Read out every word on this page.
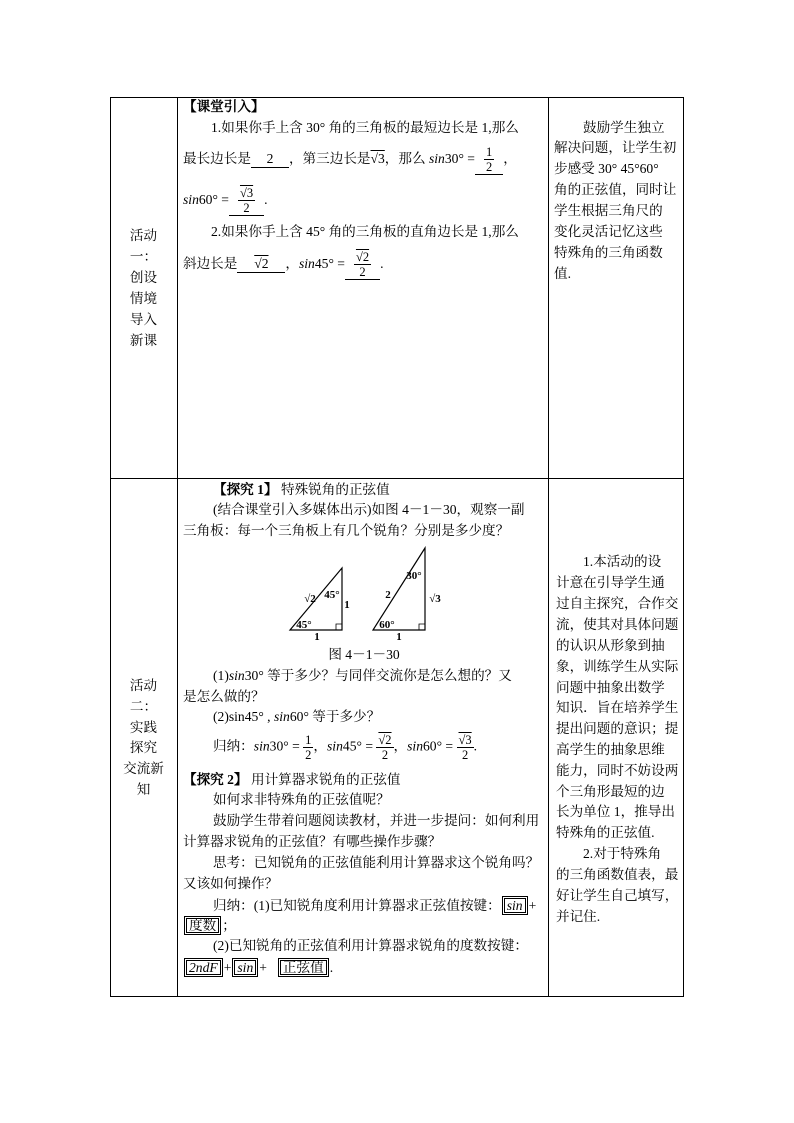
活动
一：
创设
情境
导入
新课
【课堂引入】
1.如果你手上含 30° 角的三角板的最短边长是 1,那么
最长边长是 2 ，第三边长是√3，那么 $\sin 30^\circ = \frac{1}{2}$ ，
$\sin 60^\circ = \frac{√3}{2}$ .
2.如果你手上含 45° 角的三角板的直角边长是 1,那么
斜边长是 √2 ，$\sin 45^\circ = \frac{√2}{2}$ .
鼓励学生独立
解决问题，让学生初
步感受 30° 45°60°
角的正弦值，同时让
学生根据三角尺的
变化灵活记忆这些
特殊角的三角函数
值.
活动
二：
实践
探究
交流新
知
【探究 1】 特殊锐角的正弦值
(结合课堂引入多媒体出示)如图 4－1－30，观察一副
三角板：每一个三角板上有几个锐角？分别是多少度？
√2 45°
1
45°
1
30°
2	√3
60°
1
图 4－1－30
(1)sin30° 等于多少？与同伴交流你是怎么想的？又
是怎么做的？
(2)sin45° , sin60° 等于多少？
归纳：$\sin 30^\circ = \frac{1}{2}$ ，$\sin 45^\circ = \frac{√2}{2}$ ，$\sin 60^\circ = \frac{√3}{2}$ .
【探究 2】 用计算器求锐角的正弦值
如何求非特殊角的正弦值呢？
鼓励学生带着问题阅读教材，并进一步提问：如何利用
计算器求锐角的正弦值？有哪些操作步骤？
思考：已知锐角的正弦值能利用计算器求这个锐角吗？
又该如何操作？
归纳：(1)已知锐角度利用计算器求正弦值按键： sin +
度数 ；
(2)已知锐角的正弦值利用计算器求锐角的度数按键：
2ndF + sin + 正弦值 .
1.本活动的设
计意在引导学生通
过自主探究，合作交
流，使其对具体问题
的认识从形象到抽
象，训练学生从实际
问题中抽象出数学
知识．旨在培养学生
提出问题的意识；提
高学生的抽象思维
能力，同时不妨设两
个三角形最短的边
长为单位 1，推导出
特殊角的正弦值.
2.对于特殊角
的三角函数值表，最
好让学生自己填写，
并记住.
